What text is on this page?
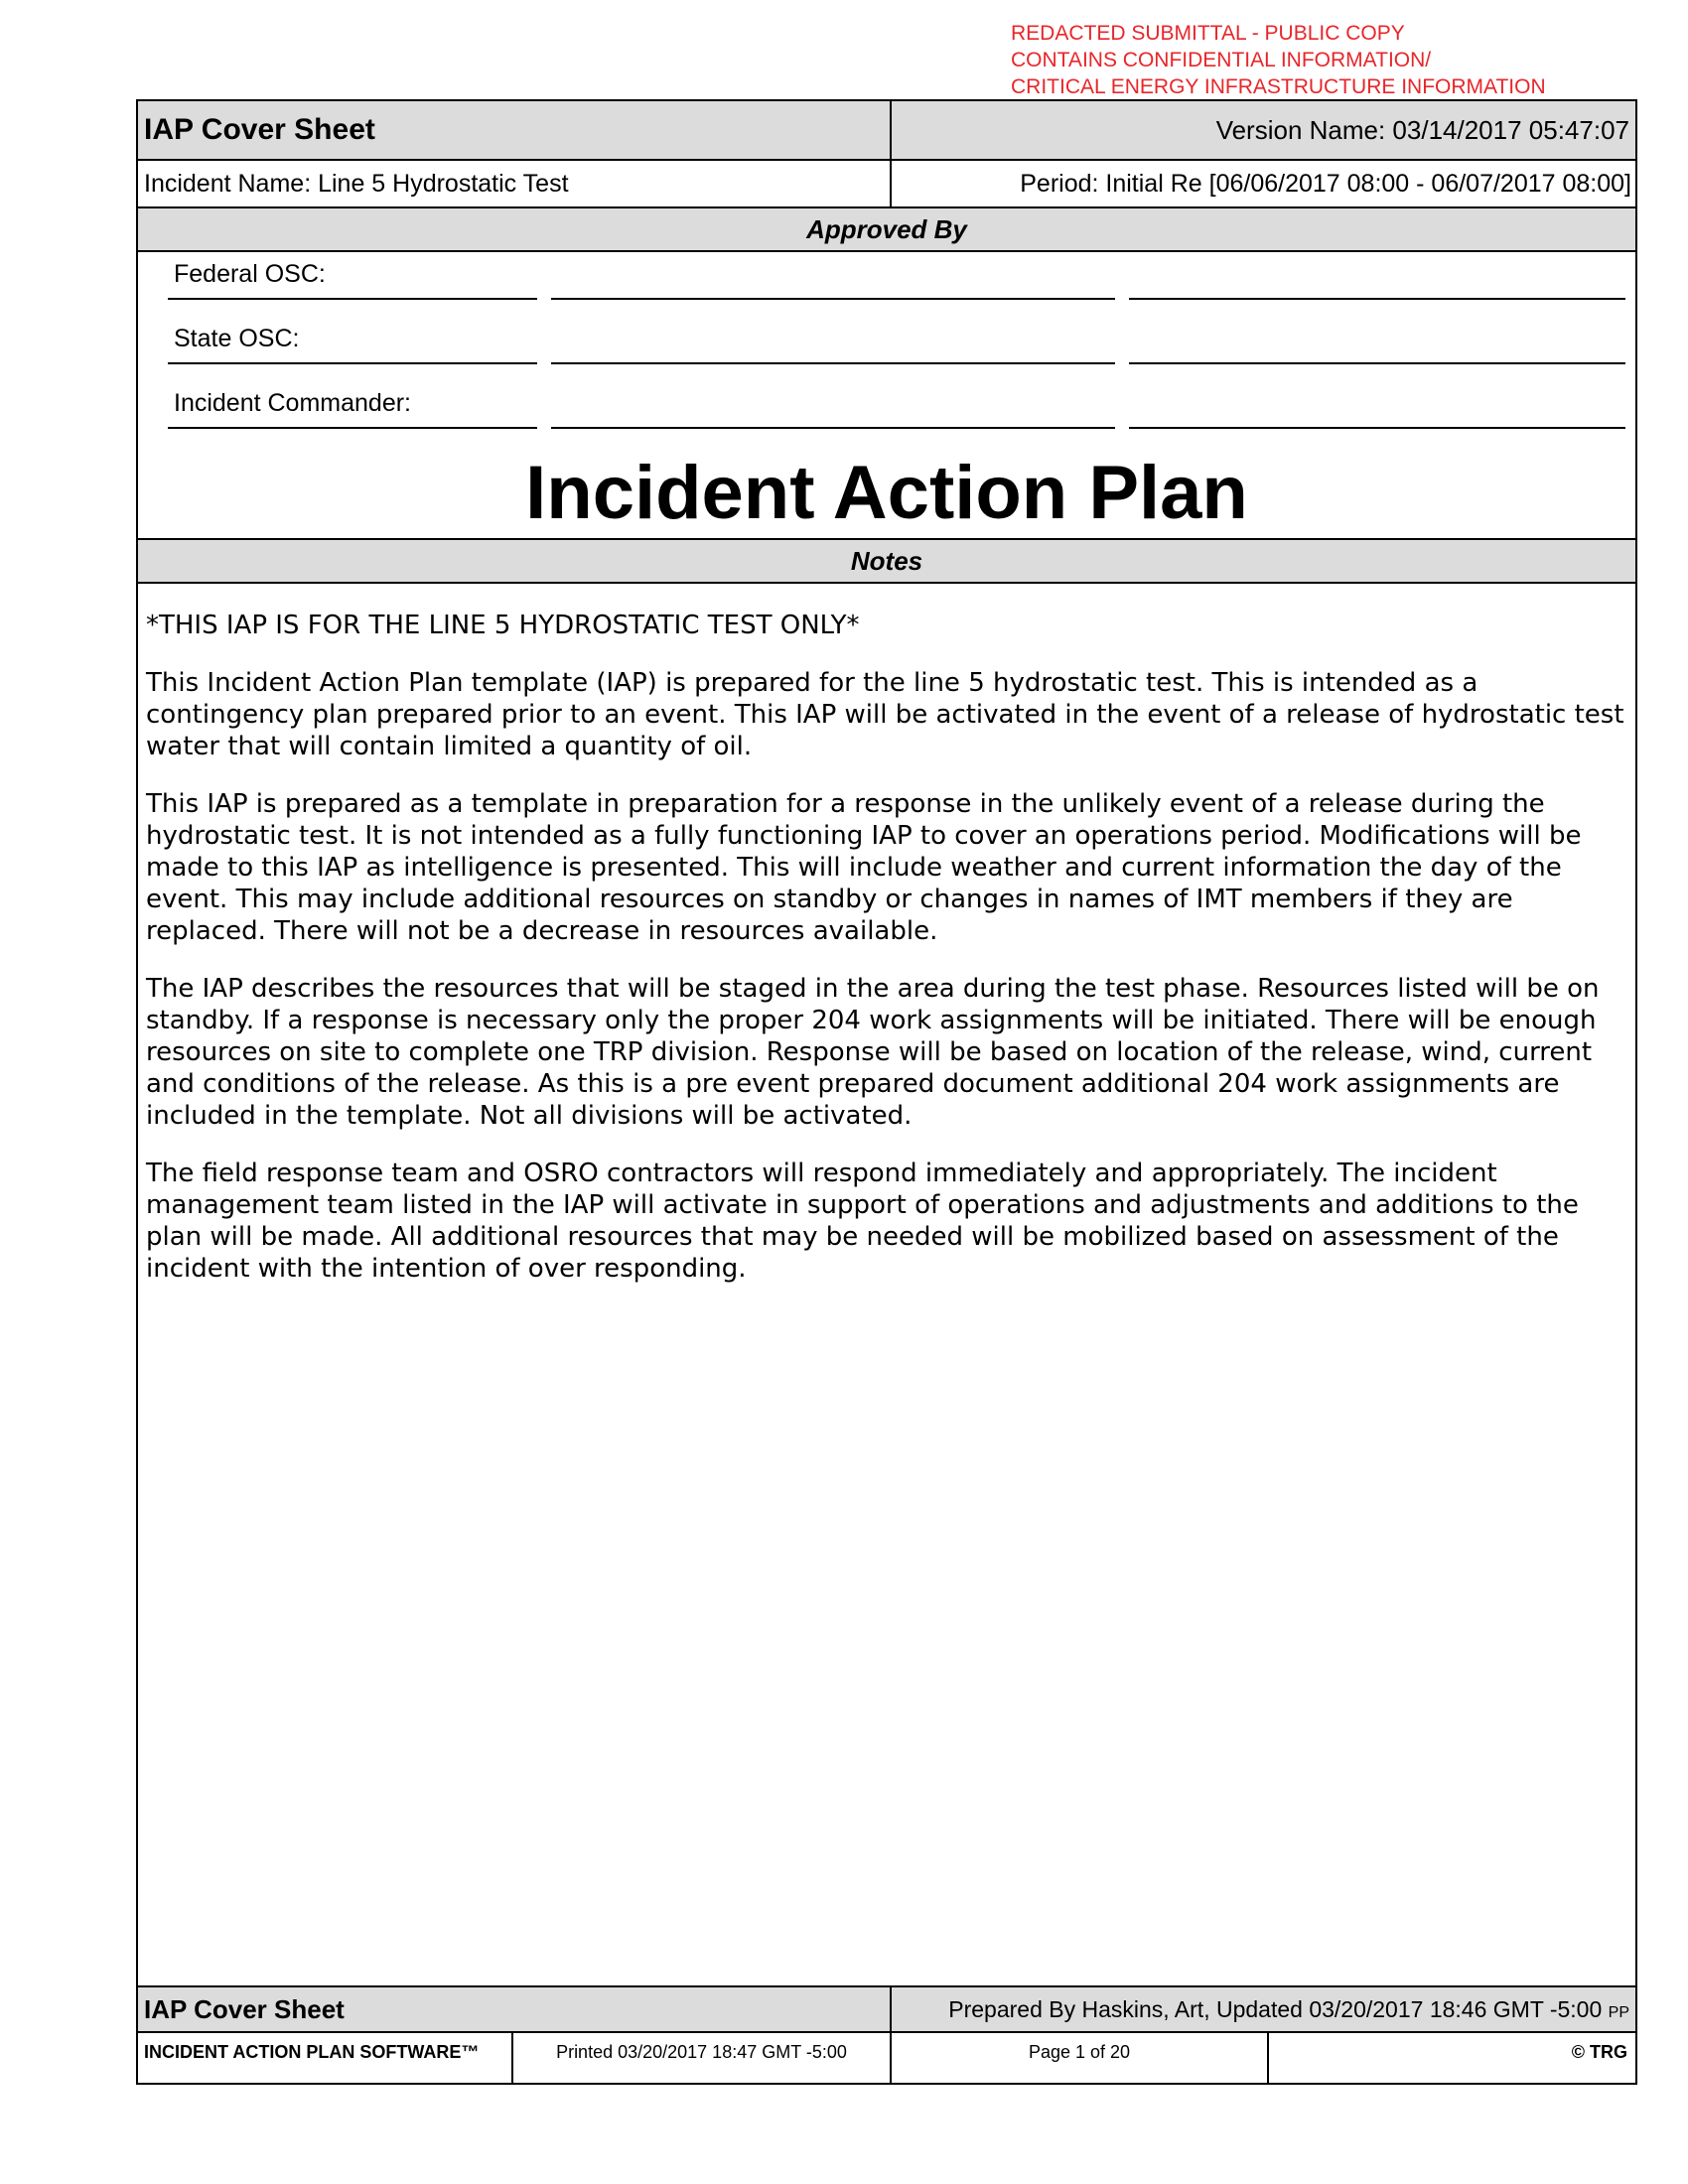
REDACTED SUBMITTAL - PUBLIC COPY
CONTAINS CONFIDENTIAL INFORMATION/
CRITICAL ENERGY INFRASTRUCTURE INFORMATION
IAP Cover Sheet	Version Name: 03/14/2017 05:47:07
Incident Name: Line 5 Hydrostatic Test	Period: Initial Re [06/06/2017 08:00 - 06/07/2017 08:00]
Approved By
Federal OSC:
State OSC:
Incident Commander:
Incident Action Plan
Notes

*THIS IAP IS FOR THE LINE 5 HYDROSTATIC TEST ONLY*

This Incident Action Plan template (IAP) is prepared for the line 5 hydrostatic test. This is intended as a contingency plan prepared prior to an event. This IAP will be activated in the event of a release of hydrostatic test water that will contain limited a quantity of oil.

This IAP is prepared as a template in preparation for a response in the unlikely event of a release during the hydrostatic test. It is not intended as a fully functioning IAP to cover an operations period. Modifications will be made to this IAP as intelligence is presented. This will include weather and current information the day of the event. This may include additional resources on standby or changes in names of IMT members if they are replaced. There will not be a decrease in resources available.

The IAP describes the resources that will be staged in the area during the test phase. Resources listed will be on standby. If a response is necessary only the proper 204 work assignments will be initiated. There will be enough resources on site to complete one TRP division. Response will be based on location of the release, wind, current and conditions of the release. As this is a pre event prepared document additional 204 work assignments are included in the template. Not all divisions will be activated.

The field response team and OSRO contractors will respond immediately and appropriately. The incident management team listed in the IAP will activate in support of operations and adjustments and additions to the plan will be made. All additional resources that may be needed will be mobilized based on assessment of the incident with the intention of over responding.

IAP Cover Sheet	Prepared By Haskins, Art, Updated 03/20/2017 18:46 GMT -5:00 PP
INCIDENT ACTION PLAN SOFTWARE™	Printed 03/20/2017 18:47 GMT -5:00	Page 1 of 20	© TRG
